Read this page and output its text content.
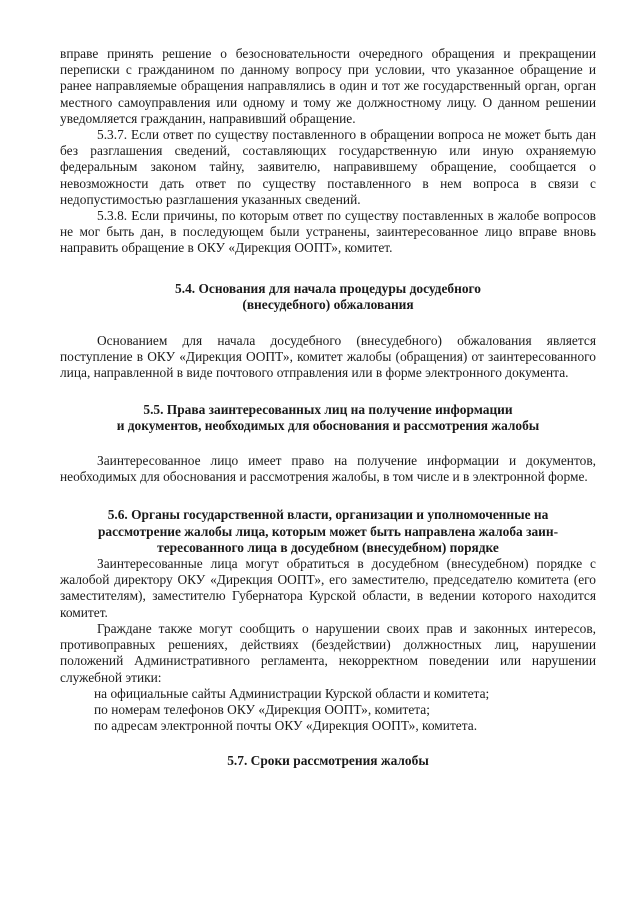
вправе принять решение о безосновательности очередного обращения и прекращении переписки с гражданином по данному вопросу при условии, что указанное обращение и ранее направляемые обращения направлялись в один и тот же государственный орган, орган местного самоуправления или одному и тому же должностному лицу. О данном решении уведомляется гражданин, направивший обращение.

5.3.7. Если ответ по существу поставленного в обращении вопроса не может быть дан без разглашения сведений, составляющих государственную или иную охраняемую федеральным законом тайну, заявителю, направившему обращение, сообщается о невозможности дать ответ по существу поставленного в нем вопроса в связи с недопустимостью разглашения указанных сведений.

5.3.8. Если причины, по которым ответ по существу поставленных в жалобе вопросов не мог быть дан, в последующем были устранены, заинтересованное лицо вправе вновь направить обращение в ОКУ «Дирекция ООПТ», комитет.

5.4. Основания для начала процедуры досудебного
(внесудебного) обжалования

Основанием для начала досудебного (внесудебного) обжалования является поступление в ОКУ «Дирекция ООПТ», комитет жалобы (обращения) от заинтересованного лица, направленной в виде почтового отправления или в форме электронного документа.

5.5. Права заинтересованных лиц на получение информации
и документов, необходимых для обоснования и рассмотрения жалобы

Заинтересованное лицо имеет право на получение информации и документов, необходимых для обоснования и рассмотрения жалобы, в том числе и в электронной форме.

5.6. Органы государственной власти, организации и уполномоченные на
рассмотрение жалобы лица, которым может быть направлена жалоба заин-
тересованного лица в досудебном (внесудебном) порядке

Заинтересованные лица могут обратиться в досудебном (внесудебном) порядке с жалобой директору ОКУ «Дирекция ООПТ», его заместителю, председателю комитета (его заместителям), заместителю Губернатора Курской области, в ведении которого находится комитет.

Граждане также могут сообщить о нарушении своих прав и законных интересов, противоправных решениях, действиях (бездействии) должностных лиц, нарушении положений Административного регламента, некорректном поведении или нарушении служебной этики:

на официальные сайты Администрации Курской области и комитета;

по номерам телефонов ОКУ «Дирекция ООПТ», комитета;

по адресам электронной почты ОКУ «Дирекция ООПТ», комитета.

5.7. Сроки рассмотрения жалобы
